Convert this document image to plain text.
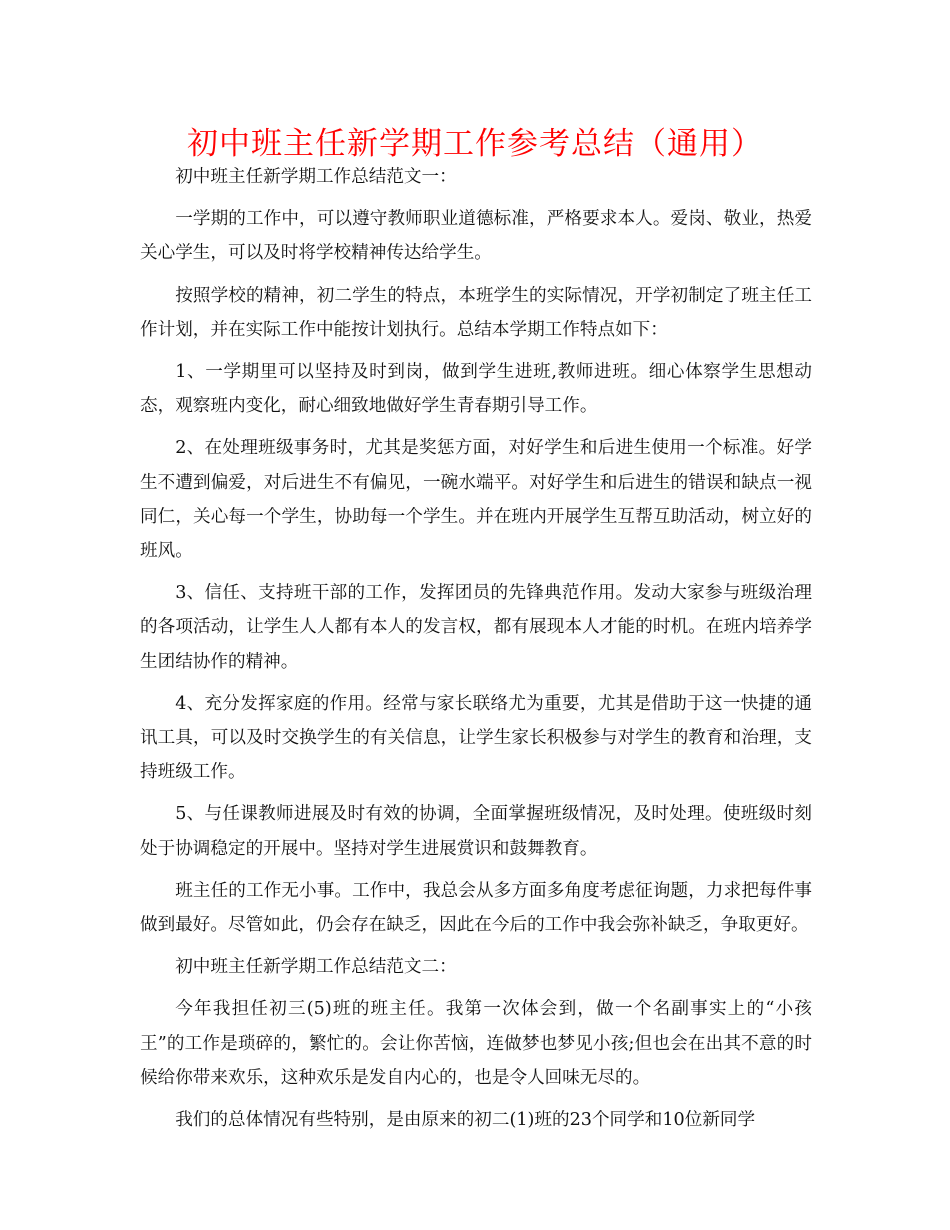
初中班主任新学期工作参考总结（通用）

初中班主任新学期工作总结范文一：

一学期的工作中，可以遵守教师职业道德标准，严格要求本人。爱岗、敬业，热爱关心学生，可以及时将学校精神传达给学生。

按照学校的精神，初二学生的特点，本班学生的实际情况，开学初制定了班主任工作计划，并在实际工作中能按计划执行。总结本学期工作特点如下：

1、一学期里可以坚持及时到岗，做到学生进班,教师进班。细心体察学生思想动态，观察班内变化，耐心细致地做好学生青春期引导工作。

2、在处理班级事务时，尤其是奖惩方面，对好学生和后进生使用一个标准。好学生不遭到偏爱，对后进生不有偏见，一碗水端平。对好学生和后进生的错误和缺点一视同仁，关心每一个学生，协助每一个学生。并在班内开展学生互帮互助活动，树立好的班风。

3、信任、支持班干部的工作，发挥团员的先锋典范作用。发动大家参与班级治理的各项活动，让学生人人都有本人的发言权，都有展现本人才能的时机。在班内培养学生团结协作的精神。

4、充分发挥家庭的作用。经常与家长联络尤为重要，尤其是借助于这一快捷的通讯工具，可以及时交换学生的有关信息，让学生家长积极参与对学生的教育和治理，支持班级工作。

5、与任课教师进展及时有效的协调，全面掌握班级情况，及时处理。使班级时刻处于协调稳定的开展中。坚持对学生进展赏识和鼓舞教育。

班主任的工作无小事。工作中，我总会从多方面多角度考虑征询题，力求把每件事做到最好。尽管如此，仍会存在缺乏，因此在今后的工作中我会弥补缺乏，争取更好。

初中班主任新学期工作总结范文二：

今年我担任初三(5)班的班主任。我第一次体会到，做一个名副事实上的“小孩王”的工作是琐碎的，繁忙的。会让你苦恼，连做梦也梦见小孩;但也会在出其不意的时候给你带来欢乐，这种欢乐是发自内心的，也是令人回味无尽的。

我们的总体情况有些特别，是由原来的初二(1)班的23个同学和10位新同学
